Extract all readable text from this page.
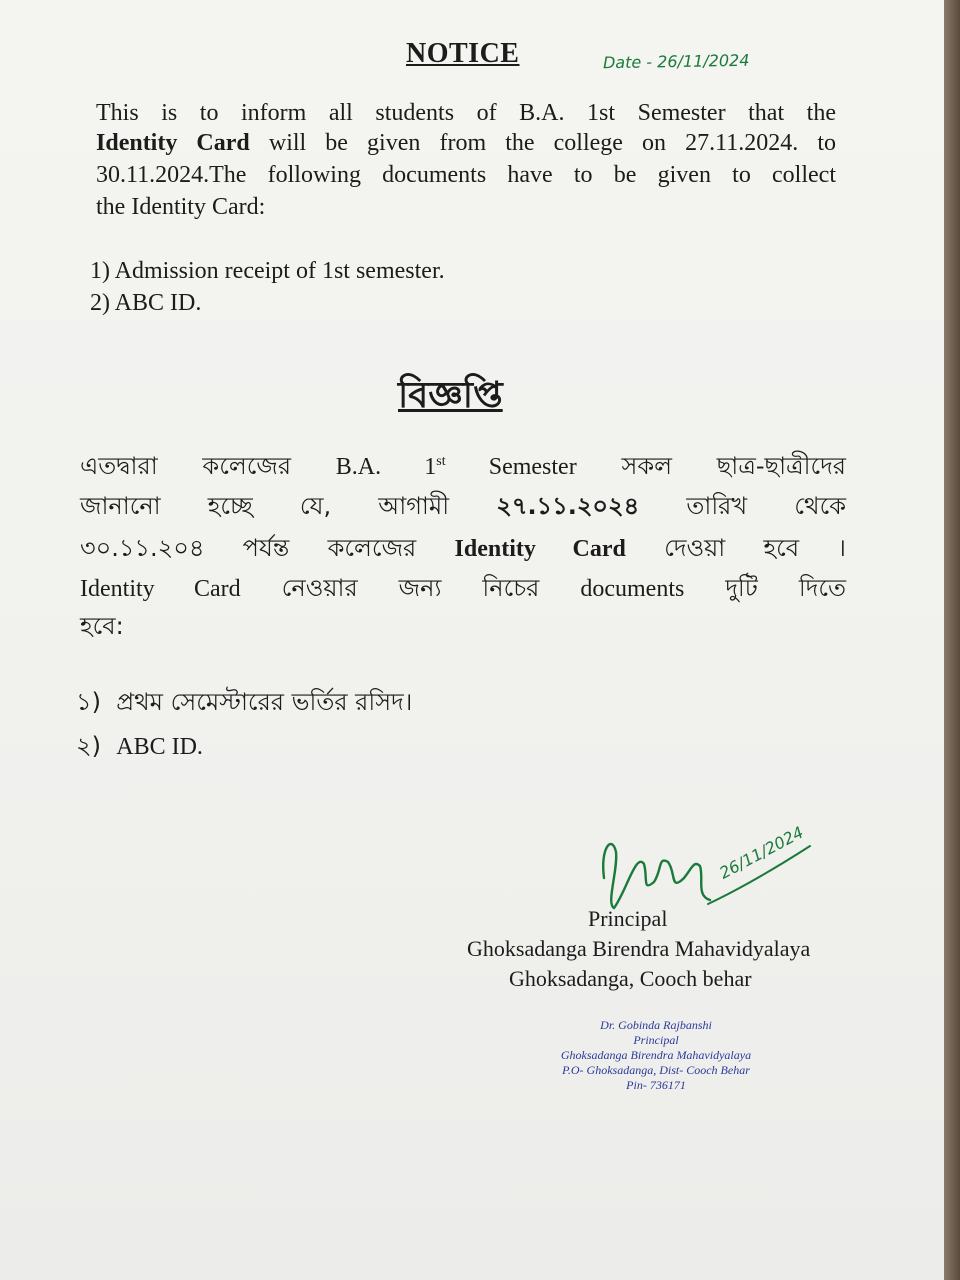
NOTICE	Date - 26/11/2024
This is to inform all students of B.A. 1st Semester that the
Identity Card will be given from the college on 27.11.2024. to
30.11.2024.The following documents have to be given to collect
the Identity Card:
1) Admission receipt of 1st semester.
2) ABC ID.
বিজ্ঞপ্তি
এতদ্বারা কলেজের B.A. 1st Semester সকল ছাত্র-ছাত্রীদের
জানানো হচ্ছে যে, আগামী ২৭.১১.২০২৪ তারিখ থেকে
৩০.১১.২০৪ পর্যন্ত কলেজের Identity Card দেওয়া হবে ।
Identity Card নেওয়ার জন্য নিচের documents দুটি দিতে
হবে:
১) প্রথম সেমেস্টারের ভর্তির রসিদ।
২) ABC ID.
26/11/2024
Principal
Ghoksadanga Birendra Mahavidyalaya
Ghoksadanga, Cooch behar
Dr. Gobinda Rajbanshi
Principal
Ghoksadanga Birendra Mahavidyalaya
P.O- Ghoksadanga, Dist- Cooch Behar
Pin- 736171
